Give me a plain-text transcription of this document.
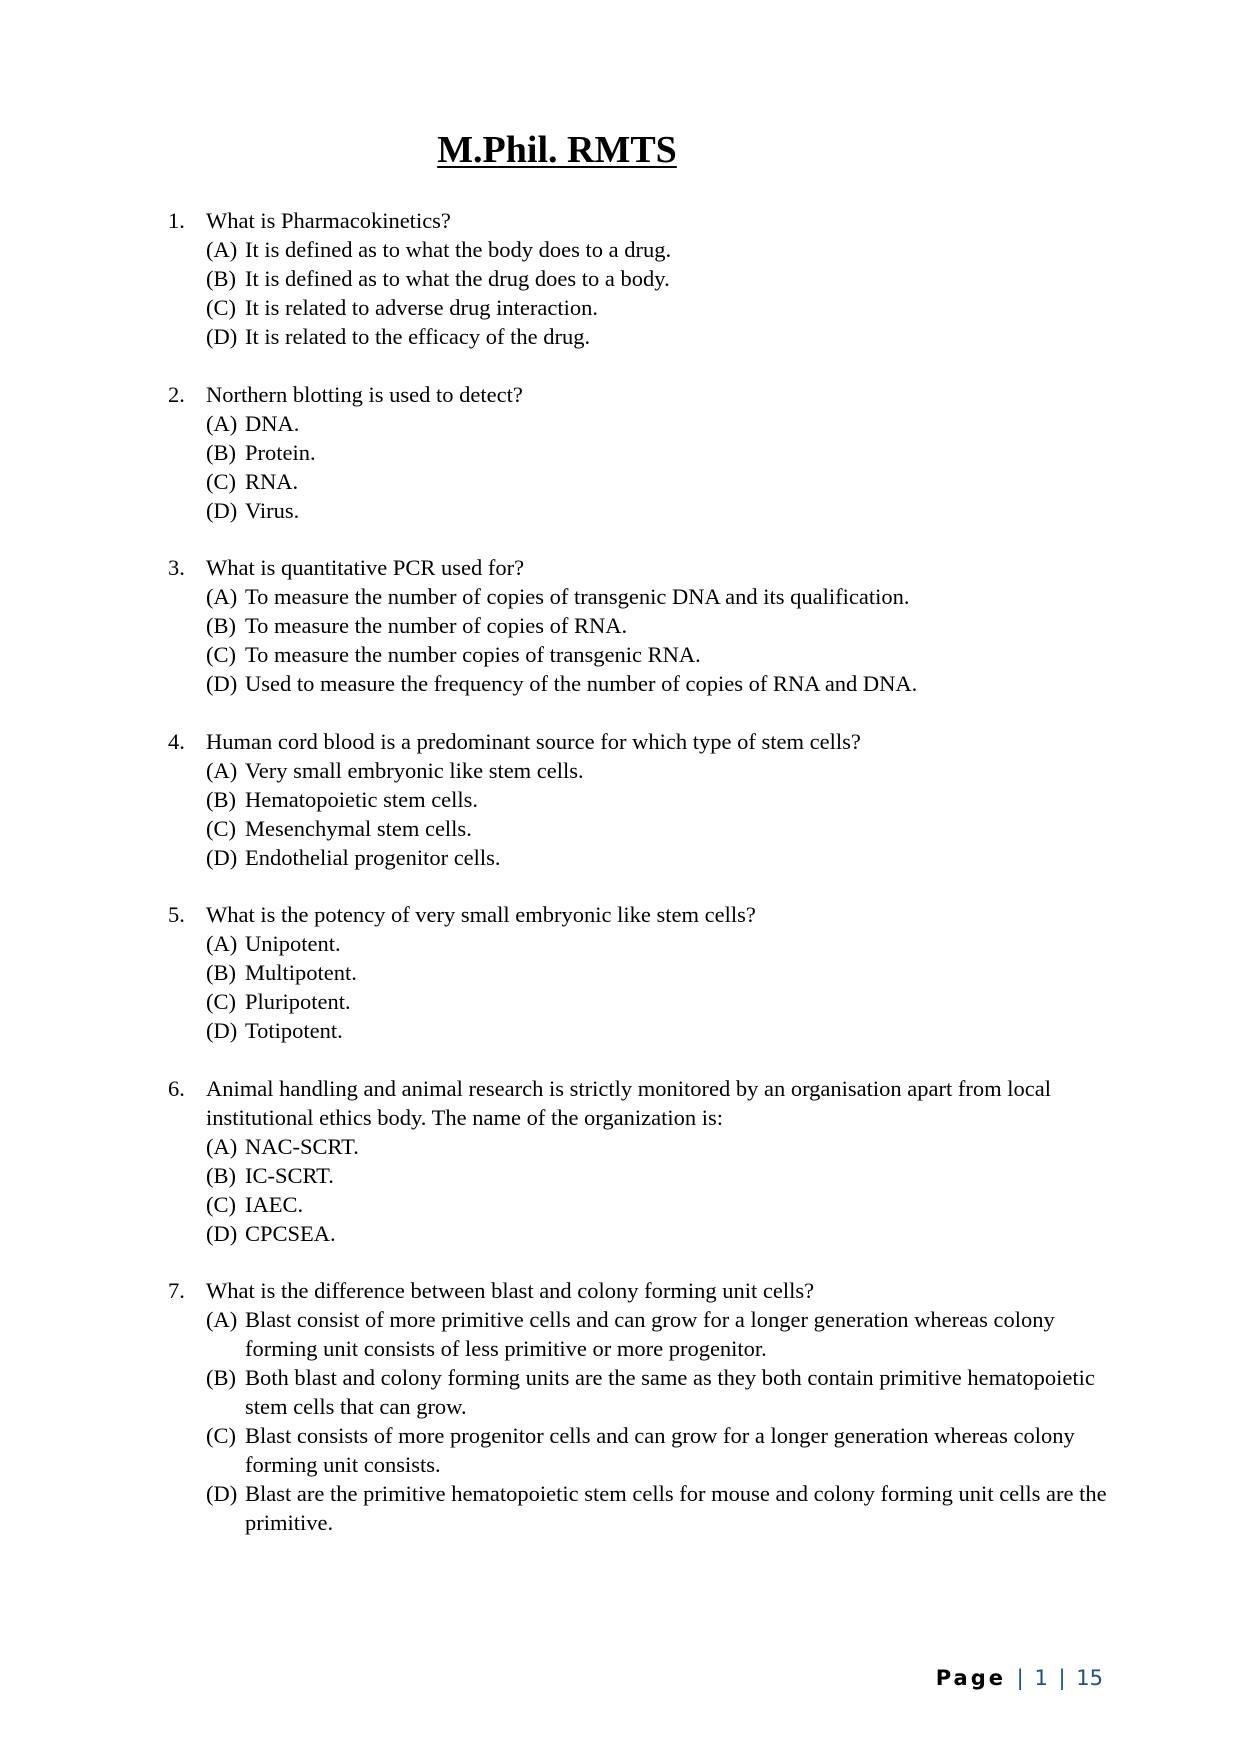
M.Phil. RMTS
1. What is Pharmacokinetics?
(A) It is defined as to what the body does to a drug.
(B) It is defined as to what the drug does to a body.
(C) It is related to adverse drug interaction.
(D) It is related to the efficacy of the drug.
2. Northern blotting is used to detect?
(A) DNA.
(B) Protein.
(C) RNA.
(D) Virus.
3. What is quantitative PCR used for?
(A) To measure the number of copies of transgenic DNA and its qualification.
(B) To measure the number of copies of RNA.
(C) To measure the number copies of transgenic RNA.
(D) Used to measure the frequency of the number of copies of RNA and DNA.
4. Human cord blood is a predominant source for which type of stem cells?
(A) Very small embryonic like stem cells.
(B) Hematopoietic stem cells.
(C) Mesenchymal stem cells.
(D) Endothelial progenitor cells.
5. What is the potency of very small embryonic like stem cells?
(A) Unipotent.
(B) Multipotent.
(C) Pluripotent.
(D) Totipotent.
6. Animal handling and animal research is strictly monitored by an organisation apart from local institutional ethics body. The name of the organization is:
(A) NAC-SCRT.
(B) IC-SCRT.
(C) IAEC.
(D) CPCSEA.
7. What is the difference between blast and colony forming unit cells?
(A) Blast consist of more primitive cells and can grow for a longer generation whereas colony forming unit consists of less primitive or more progenitor.
(B) Both blast and colony forming units are the same as they both contain primitive hematopoietic stem cells that can grow.
(C) Blast consists of more progenitor cells and can grow for a longer generation whereas colony forming unit consists.
(D) Blast are the primitive hematopoietic stem cells for mouse and colony forming unit cells are the primitive.
Page | 1 | 15
